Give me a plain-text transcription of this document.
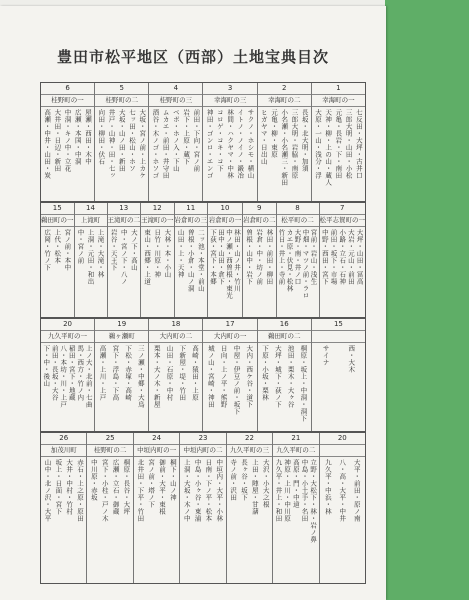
豊田市松平地区（西部）土地宝典目次
1
幸海町の一
七反田・大坪・古井口
三郎大明・山田・小松
元亀・長岩・下・南田
天神・柳・上の山・蔵人
大原・一山・浅分・浮
2
幸海町の二
長坂・北大明・加須
三郎大明・岩脇・南原
小名瀬・小名瀬三・新田
元亀・柳・東原
ヒガヤマ・日出山
3
幸海町の三
サクノ・ホシモ・横山
イトノ・ノイノ・鍛冶
林間・ハクヤマ・中林
コロゲ・コキ・コ下
神田・ゴンロ・エンゴ
4
桂野町の三
前田・下向・宮ノ前
岩下・上原・蔵下
ベボ・ホノ入・下山
ムカエ・前田・井守田
酒谷・木ノゴ・ホソゴ
5
桂野町の二
大坂・宮ノ前・上カケ
七ッ田・松山・ホソ
大坂・山ノ田・新田
井戸・山神・田・七ッ
向田・柳田・伏石
6
桂野町の一
屋瀬・西田・木中
広瀬・本国・中洞
中洞・キノ中・立花
大井田・日辺・新田
高瀬・中井・山田・炭
7
松平志賀町の一
大坪・山田・冨高
大岩・元山・前田
小路・立石・石神
前田・坂下・市場
中野・西田・宮下
8
松平町の二
宮前・岩山・浅生
中畑・マツノ前・ラロ
大野・南・井ノ口
カエ原・伏見・松林
竹日・井上・寺前
9
岩倉町の二
林田・前田・柳田
岩倉・中・坊ノ前
曽根・山中・岩下
10
岩倉町の一
林田・山ノ井・竹川
中ノ瀬・西曽根・東光
田中・山田・倉下
下荻・宮下・本郷
11
岩倉町の三
二ッ池・本堂・前山
曽根・小倉・山ノ洞
山田・上・天神
12
王滝町の一
大林・本・小山
日竹・川原・神
東山・西郷・上道
13
王滝町の二
大ノ下・高山
中・宮ノ下・八ノ
岩谷・天王下
14
上滝町
上滝・大滝・林
上洞・元田・和出
中・宮ノ前
15
鵜田町の一
宮ノ前・本中
上代・松本
広岡・竹ノ下
15
西・大木
サイナ
16
鵜田町の二
桐原・坂上・中洞・洞下
池田・栗木・大ヶ谷
大坪・城下・荻ノ下
下原・小坂・栗林
17
大内町の一
大内・西ケ谷・道下
中屋・伊豆ノ前・坂下
日向・上ノ平・熊野
城ノ山・宮崎・神田
18
大内町の二
高崎・猿田・上原
下新屋・堤・竹田
山田・石原・中村
栗本・大ノ木・新屋
19
鵜ヶ瀬町
三ノ瀬・中郷・大鳥
下松・赤塚・高崎
宮下・浮島・下高
高瀬・上川・上戸
20
九久平町の一
上ノ大・北前・七曲
馬・西方・竹ノ内
稲田・宮下・地蔵
八・本坊・川・上戸
前田・長坂・大谷
下・中・後山
20
大平・前田・原ノ南
八・高・大平・中井
九久平・中浜・林
21
九久平町の二
立野・大松下・林・岩ノ鼻
中島・小土手・名田
高原・門・中道
神原・上川・中川原
九久平・井上・和田
22
九久平町の三
大沢・小大之根
上田・陣屋・甘藷
長ヶ谷・坂下
寺ノ前・沢田
23
中垣内町の二
中垣内・大平・小林
日南・下ノ平・松本
中島・小ヶ谷・東浦
上洞・大坂・木ノ中
24
中垣内町の一
桐下・山ノ神
御前・大平・東根
宮ノ前・塔ノ下
北井田・下平・竹田
25
桂野町の二
桐原・長谷・大坪
広瀬・立石・御蔵
宮下・小桂・戸ノ木
中川原・赤坂
26
加茂川町
赤石・上之原・原田
大井・中村・竹村
坂上・日面・宮下
山中・北ノ沢・大平
